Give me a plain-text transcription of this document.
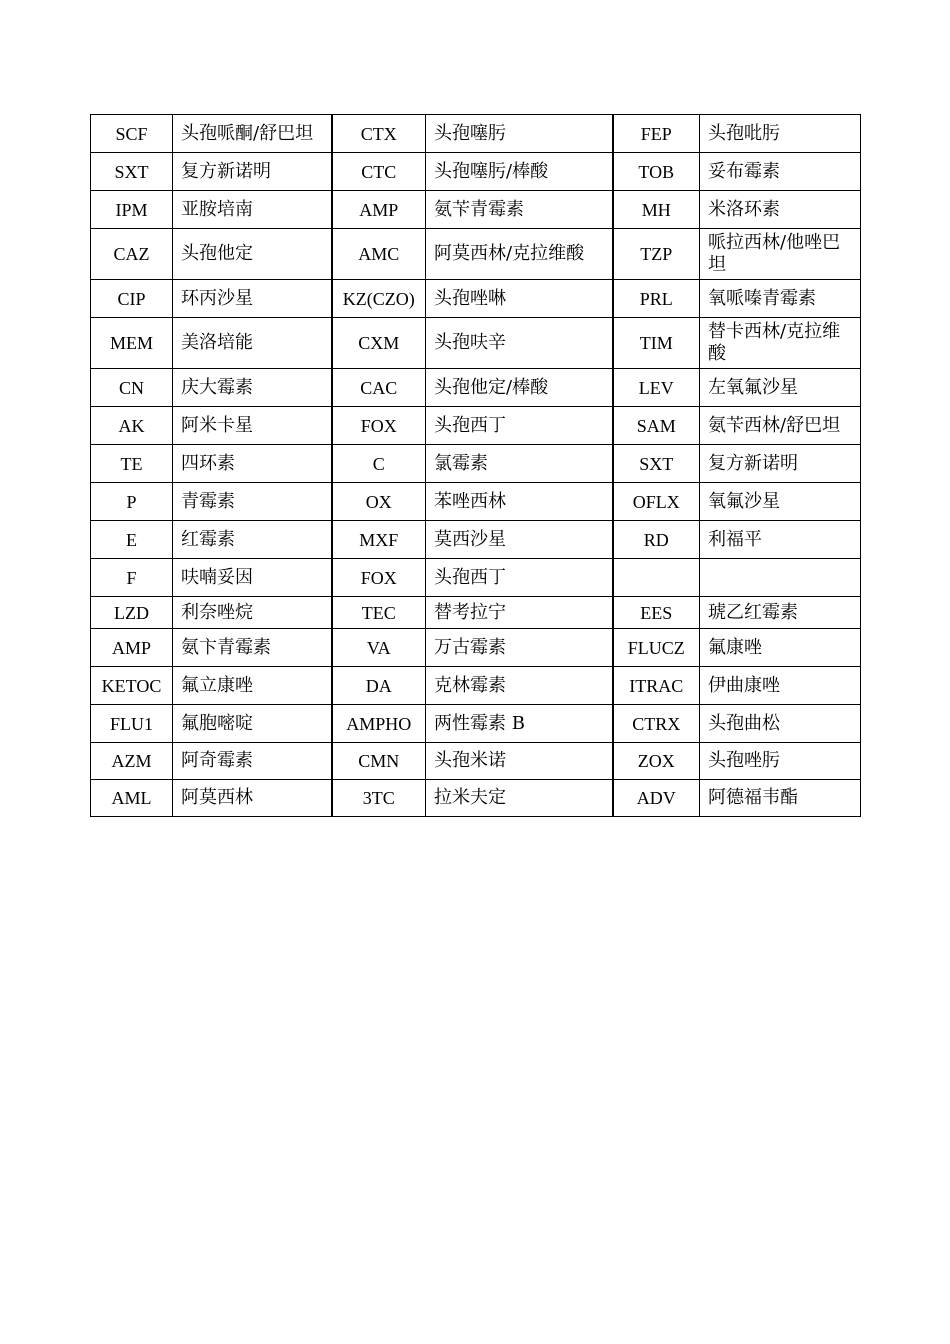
SCF	头孢哌酮/舒巴坦	CTX	头孢噻肟	FEP	头孢吡肟
SXT	复方新诺明	CTC	头孢噻肟/棒酸	TOB	妥布霉素
IPM	亚胺培南	AMP	氨苄青霉素	MH	米洛环素
CAZ	头孢他定	AMC	阿莫西林/克拉维酸	TZP	哌拉西林/他唑巴坦
CIP	环丙沙星	KZ(CZO)	头孢唑啉	PRL	氧哌嗪青霉素
MEM	美洛培能	CXM	头孢呋辛	TIM	替卡西林/克拉维酸
CN	庆大霉素	CAC	头孢他定/棒酸	LEV	左氧氟沙星
AK	阿米卡星	FOX	头孢西丁	SAM	氨苄西林/舒巴坦
TE	四环素	C	氯霉素	SXT	复方新诺明
P	青霉素	OX	苯唑西林	OFLX	氧氟沙星
E	红霉素	MXF	莫西沙星	RD	利福平
F	呋喃妥因	FOX	头孢西丁		
LZD	利奈唑烷	TEC	替考拉宁	EES	琥乙红霉素
AMP	氨卞青霉素	VA	万古霉素	FLUCZ	氟康唑
KETOC	氟立康唑	DA	克林霉素	ITRAC	伊曲康唑
FLU1	氟胞嘧啶	AMPHO	两性霉素 B	CTRX	头孢曲松
AZM	阿奇霉素	CMN	头孢米诺	ZOX	头孢唑肟
AML	阿莫西林	3TC	拉米夫定	ADV	阿德福韦酯
